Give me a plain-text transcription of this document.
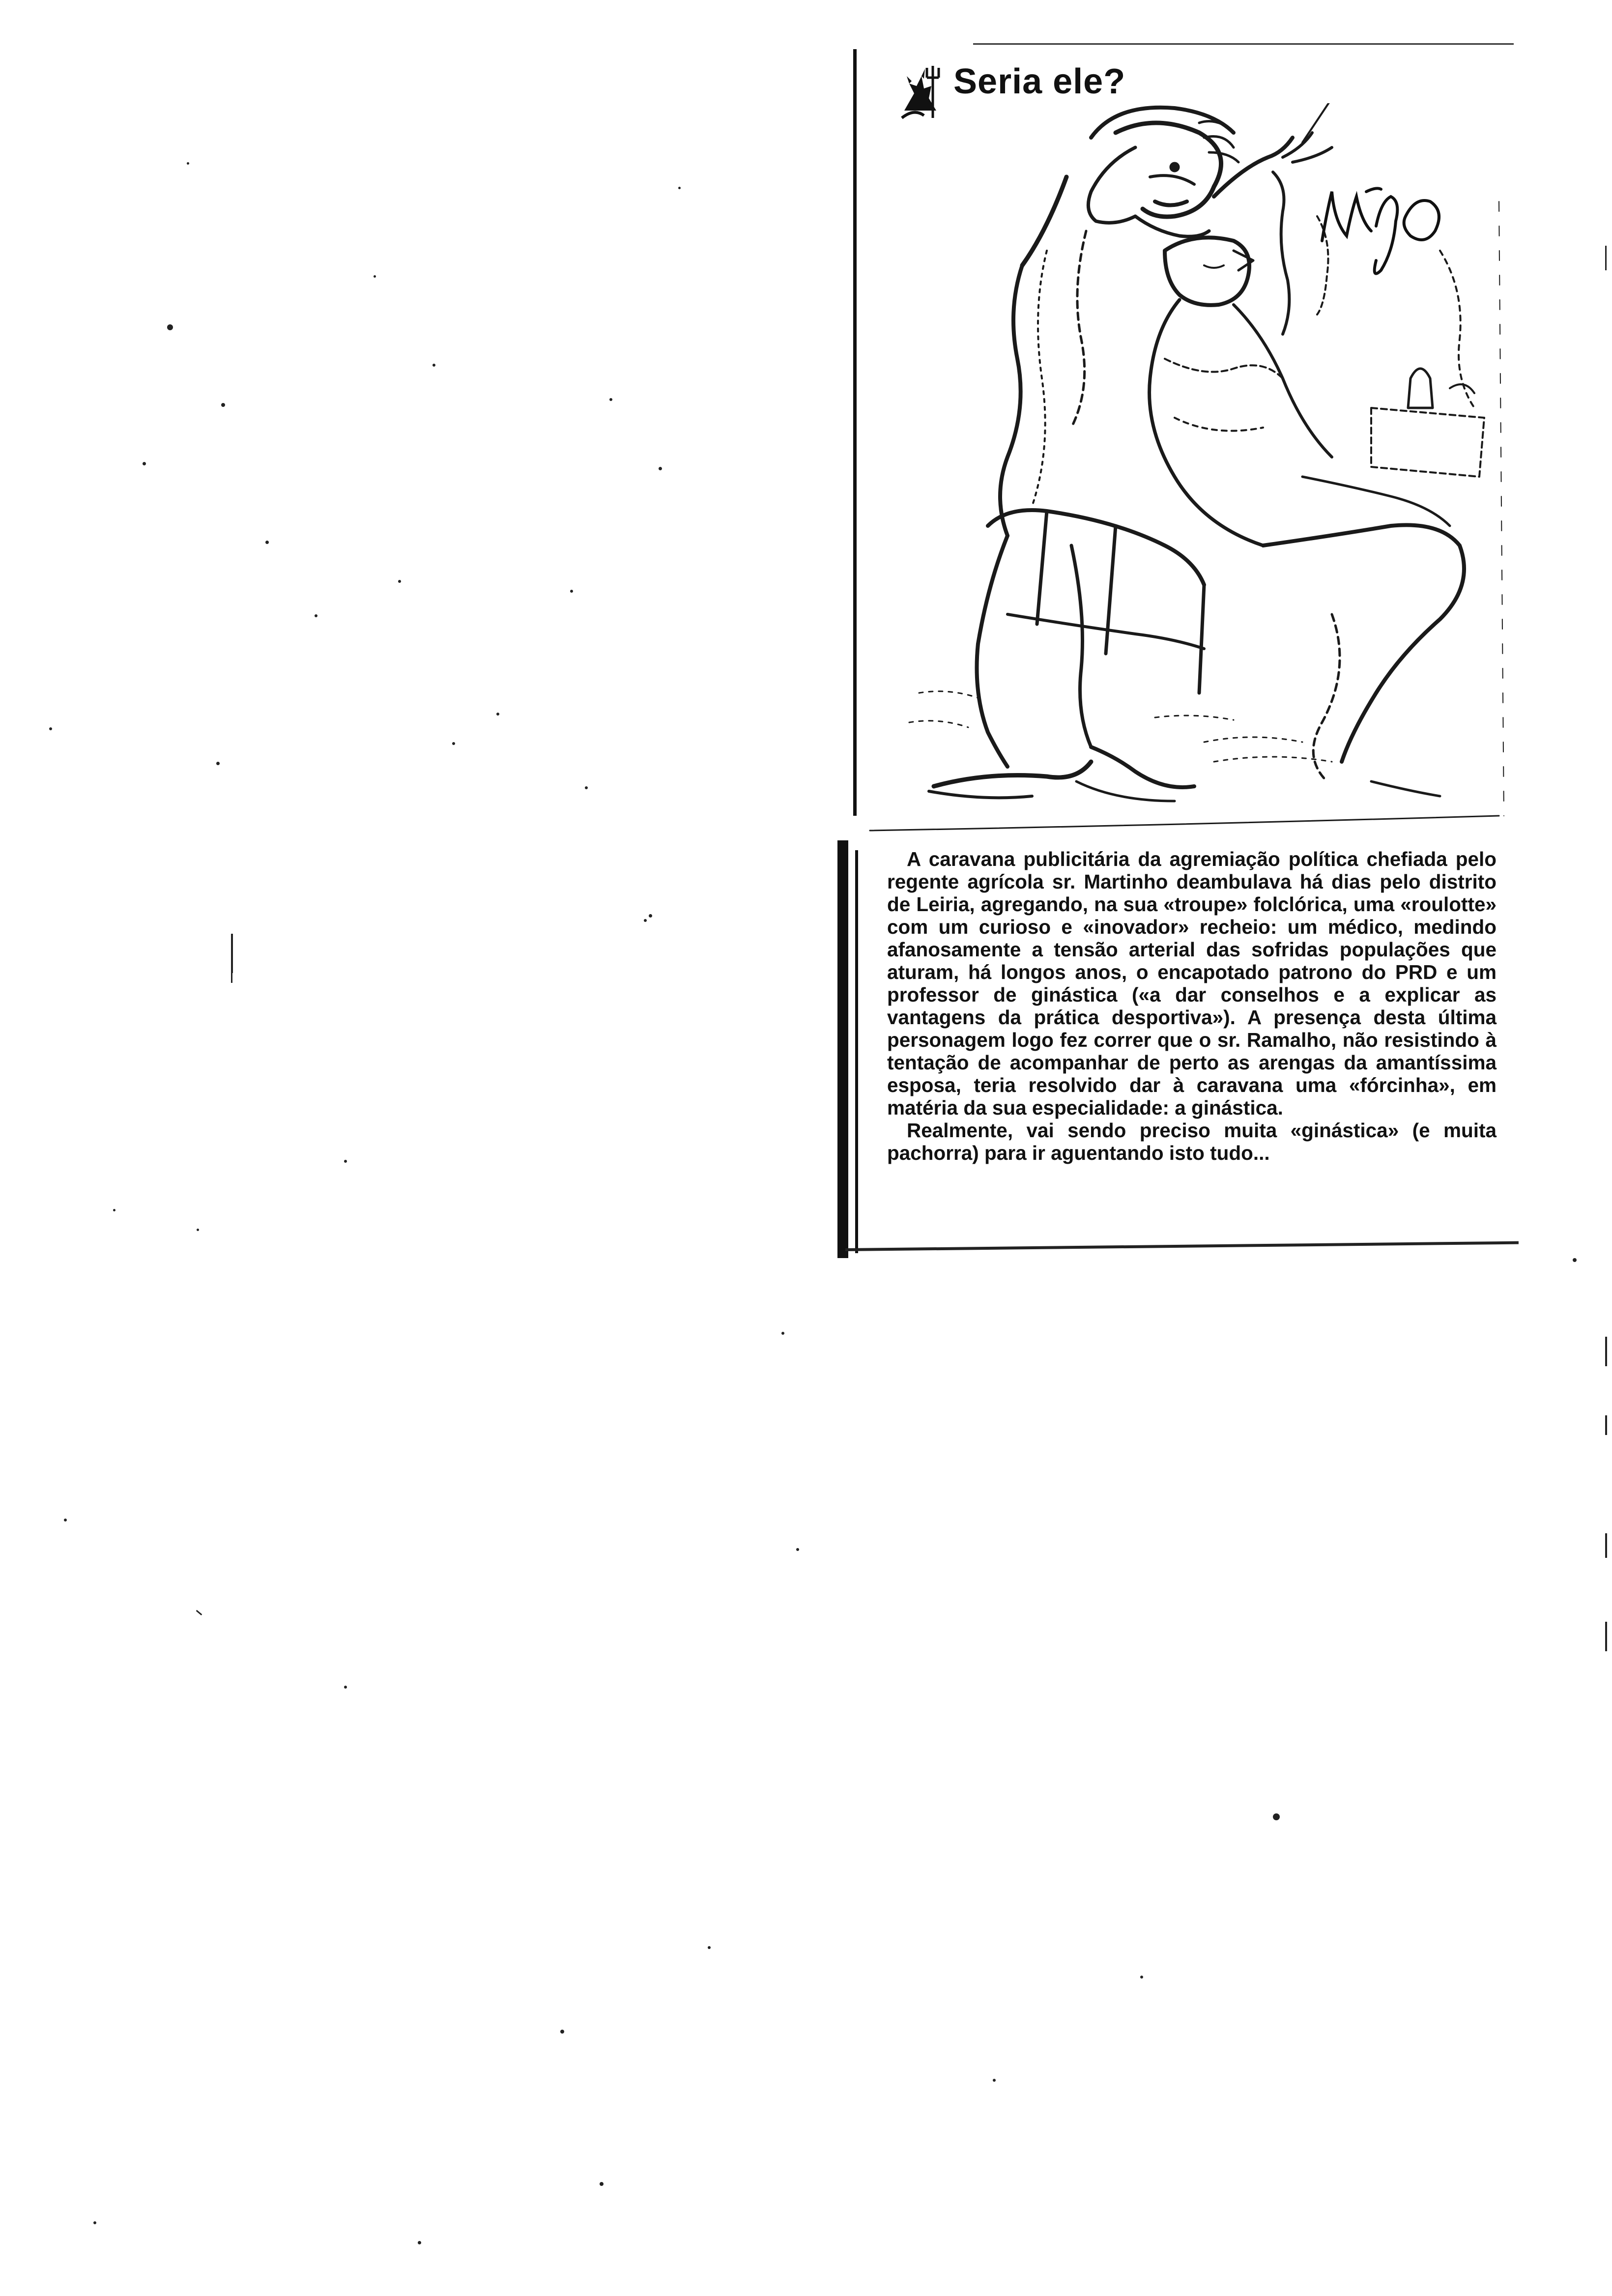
Seria ele?

A caravana publicitária da agremiação política chefiada pelo regente agrícola sr. Martinho deambulava há dias pelo distrito de Leiria, agregando, na sua «troupe» folclórica, uma «roulotte» com um curioso e «inovador» recheio: um médico, medindo afanosamente a tensão arterial das sofridas populações que aturam, há longos anos, o encapotado patrono do PRD e um professor de ginástica («a dar conselhos e a explicar as vantagens da prática desportiva»). A presença desta última personagem logo fez correr que o sr. Ramalho, não resistindo à tentação de acompanhar de perto as arengas da amantíssima esposa, teria resolvido dar à caravana uma «fórcinha», em matéria da sua especialidade: a ginástica.

Realmente, vai sendo preciso muita «ginástica» (e muita pachorra) para ir aguentando isto tudo...
